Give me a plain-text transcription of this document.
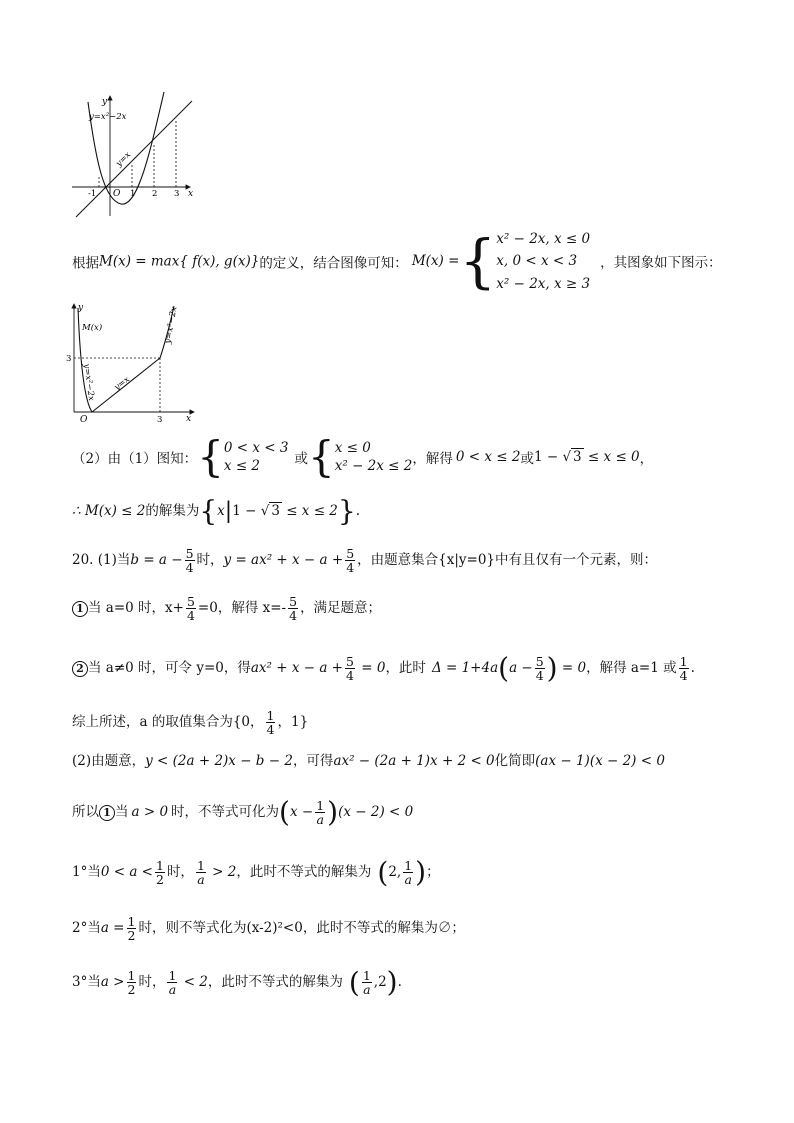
y
x
O
y=x²−2x
y=x
-1	1 2 3
根据M(x) = max{ f(x), g(x)}的定义，结合图像可知： M(x) ={ x² − 2x, x ≤ 0
x, 0 < x < 3
x² − 2x, x ≥ 3
，其图象如下图示：
y
x
O
M(x)
y=x²−2x
y=x²−2x
y=x
3
3
（2）由（1）图知：{ 0 < x < 3
x ≤ 2	或{ x ≤ 0
x² − 2x ≤ 2 ，解得 0 < x ≤ 2或1 − √ 3 ≤ x ≤ 0，
∴ M(x) ≤ 2的解集为{x|1 − √ 3 ≤ x ≤ 2}.
20. (1)当$b = a - \frac{5}{4}$ 时，$y = ax^2 + x - a + \frac{5}{4}$ ，由题意集合{x|y=0}中有且仅有一个元素，则：
1 当 a=0 时，$x+ \frac{5}{4} =0$，解得 $x=- \frac{5}{4}$ ，满足题意；
2 当 a≠0 时，可令 y=0，得$ax^2 + x - a + \frac{5}{4} = 0$，此时 $\Delta = 1+4a(a - \frac{5}{4}$ ) = 0，解得 a=1 或 $\frac{1}{4}$ .
综上所述，a 的取值集合为{0， $\frac{1}{4}$ ，1}
(2)由题意，y < (2a + 2)x − b − 2，可得ax² − (2a + 1)x + 2 < 0化简即(ax − 1)(x − 2) < 0
所以 1 当 a > 0 时，不等式可化为$(x - \frac{1}{a} )(x - 2) < 0$
1°当$0 < a < \frac{1}{2}$ 时， $\frac{1}{a} > 2$，此时不等式的解集为 (2, $\frac{1}{a}$ )；
2°当$a = \frac{1}{2}$ 时，则不等式化为(x-2)²<0，此时不等式的解集为∅；
3°当$a > \frac{1}{2}$ 时， $\frac{1}{a} < 2$，此时不等式的解集为 ( $\frac{1}{a} ,2$).
